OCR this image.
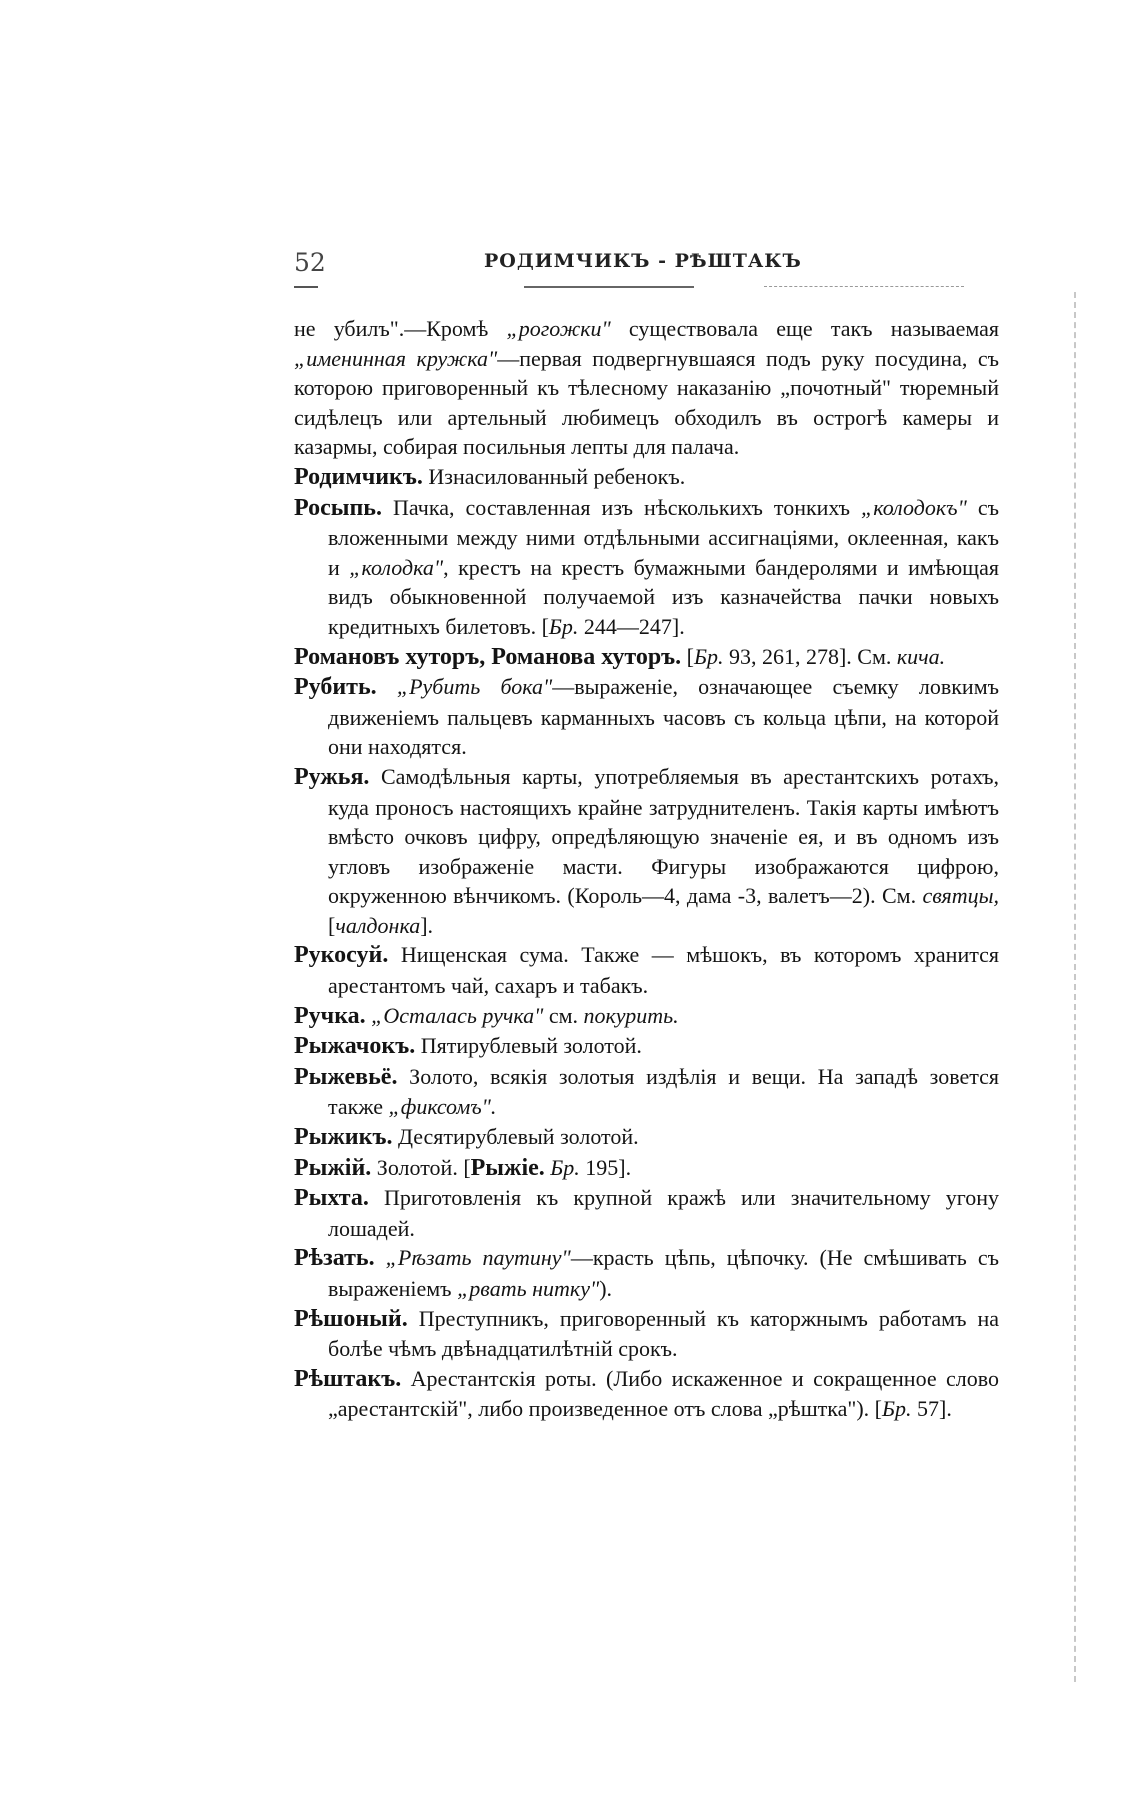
52	РОДИМЧИКЪ - РѢШТАКЪ

не убилъ".—Кромѣ „рогожки" существовала еще такъ называемая „именинная кружка"—первая подвергнувшаяся подъ руку посудина, съ которою приговоренный къ тѣлесному наказанію „почотный" тюремный сидѣлецъ или артельный любимецъ обходилъ въ острогѣ камеры и казармы, собирая посильныя лепты для палача.

Родимчикъ. Изнасилованный ребенокъ.

Росыпь. Пачка, составленная изъ нѣсколькихъ тонкихъ „колодокъ" съ вложенными между ними отдѣльными ассигнаціями, оклеенная, какъ и „колодка", крестъ на крестъ бумажными бандеролями и имѣющая видъ обыкновенной получаемой изъ казначейства пачки новыхъ кредитныхъ билетовъ. [Бр. 244—247].

Романовъ хуторъ, Романова хуторъ. [Бр. 93, 261, 278]. См. кича.

Рубить. „Рубить бока"—выраженіе, означающее съемку ловкимъ движеніемъ пальцевъ карманныхъ часовъ съ кольца цѣпи, на которой они находятся.

Ружья. Самодѣльныя карты, употребляемыя въ арестантскихъ ротахъ, куда проносъ настоящихъ крайне затруднителенъ. Такія карты имѣютъ вмѣсто очковъ цифру, опредѣляющую значеніе ея, и въ одномъ изъ угловъ изображеніе масти. Фигуры изображаются цифрою, окруженною вѣнчикомъ. (Король—4, дама -3, валетъ—2). См. святцы, [чалдонка].

Рукосуй. Нищенская сума. Также — мѣшокъ, въ которомъ хранится арестантомъ чай, сахаръ и табакъ.

Ручка. „Осталась ручка" см. покурить.

Рыжачокъ. Пятирублевый золотой.

Рыжевьё. Золото, всякія золотыя издѣлія и вещи. На западѣ зовется также „фиксомъ".

Рыжикъ. Десятирублевый золотой.

Рыжій. Золотой. [Рыжіе. Бр. 195].

Рыхта. Приготовленія къ крупной кражѣ или значительному угону лошадей.

Рѣзать. „Рѣзать паутину"—красть цѣпь, цѣпочку. (Не смѣшивать съ выраженіемъ „рвать нитку").

Рѣшоный. Преступникъ, приговоренный къ каторжнымъ работамъ на болѣе чѣмъ двѣнадцатилѣтній срокъ.

Рѣштакъ. Арестантскія роты. (Либо искаженное и сокращенное слово „арестантскій", либо произведенное отъ слова „рѣштка"). [Бр. 57].
